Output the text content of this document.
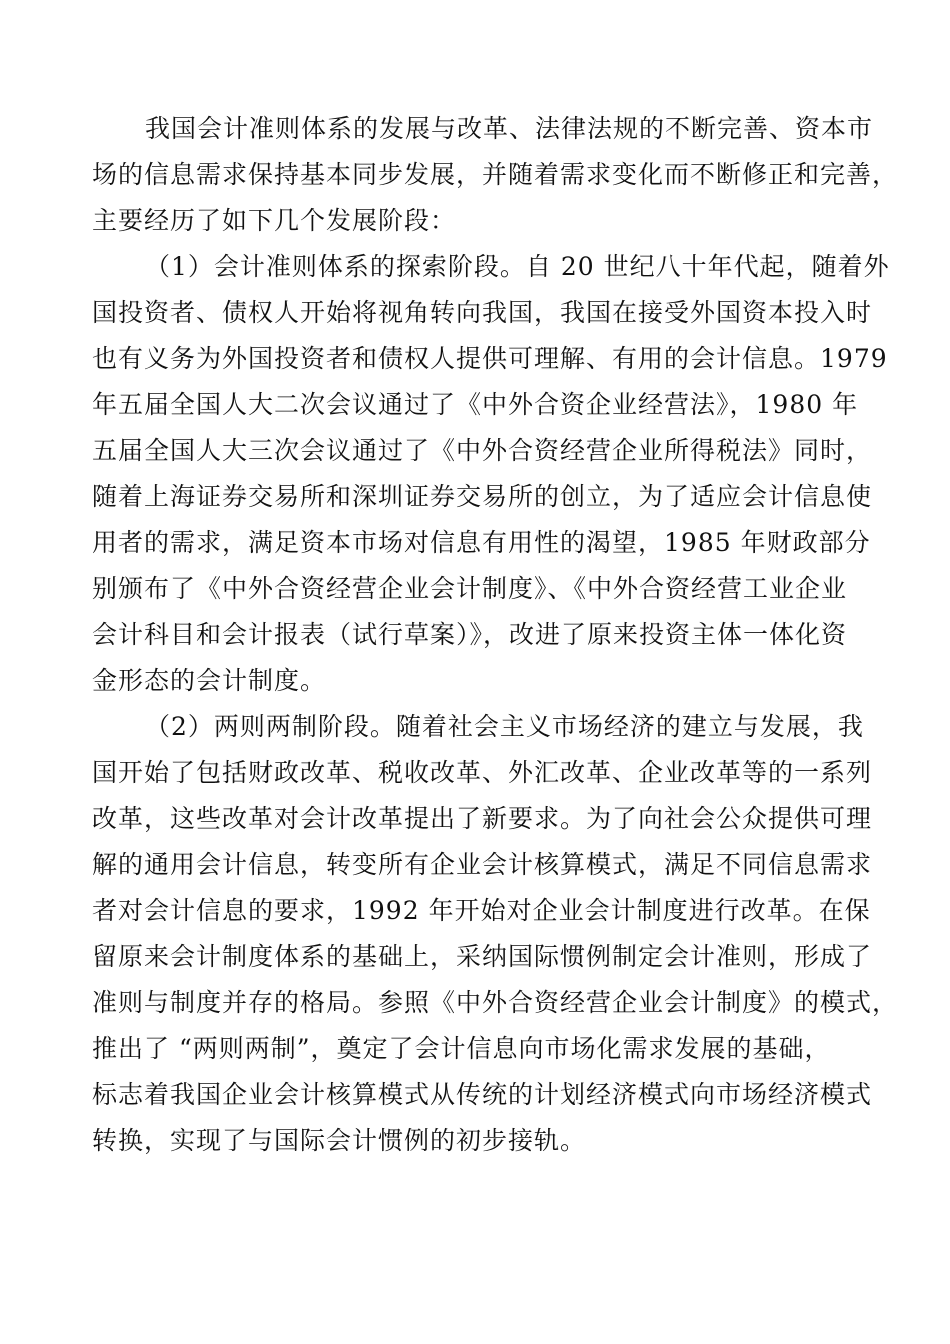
我国会计准则体系的发展与改革、法律法规的不断完善、资本市
场的信息需求保持基本同步发展，并随着需求变化而不断修正和完善，
主要经历了如下几个发展阶段：
（1）会计准则体系的探索阶段。自 20 世纪八十年代起，随着外
国投资者、债权人开始将视角转向我国，我国在接受外国资本投入时
也有义务为外国投资者和债权人提供可理解、有用的会计信息。1979
年五届全国人大二次会议通过了《中外合资企业经营法》，1980 年
五届全国人大三次会议通过了《中外合资经营企业所得税法》同时，
随着上海证券交易所和深圳证券交易所的创立，为了适应会计信息使
用者的需求，满足资本市场对信息有用性的渴望，1985 年财政部分
别颁布了《中外合资经营企业会计制度》、《中外合资经营工业企业
会计科目和会计报表（试行草案）》，改进了原来投资主体一体化资
金形态的会计制度。
（2）两则两制阶段。随着社会主义市场经济的建立与发展，我
国开始了包括财政改革、税收改革、外汇改革、企业改革等的一系列
改革，这些改革对会计改革提出了新要求。为了向社会公众提供可理
解的通用会计信息，转变所有企业会计核算模式，满足不同信息需求
者对会计信息的要求，1992 年开始对企业会计制度进行改革。在保
留原来会计制度体系的基础上，采纳国际惯例制定会计准则，形成了
准则与制度并存的格局。参照《中外合资经营企业会计制度》的模式，
推出了 “两则两制”，奠定了会计信息向市场化需求发展的基础，
标志着我国企业会计核算模式从传统的计划经济模式向市场经济模式
转换，实现了与国际会计惯例的初步接轨。
